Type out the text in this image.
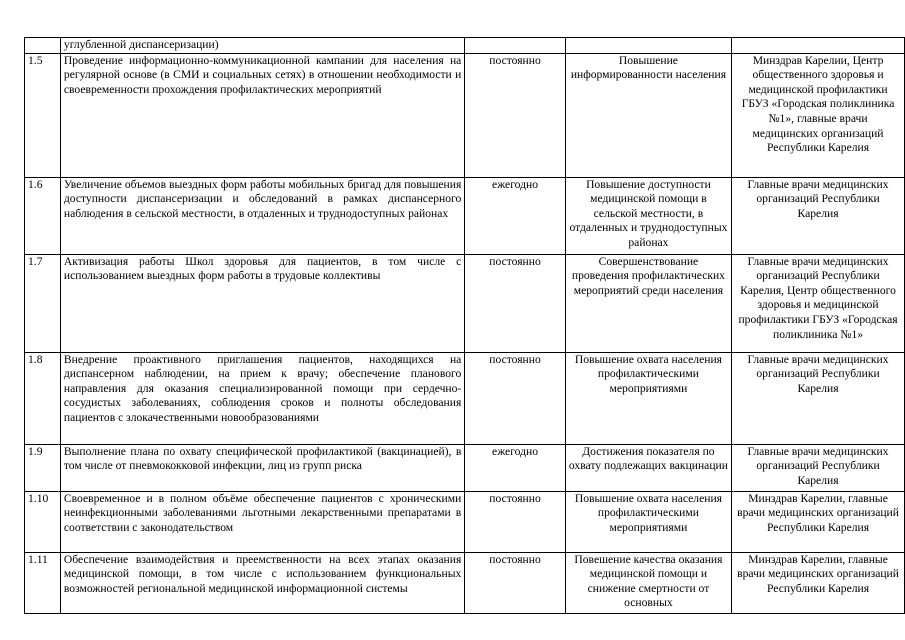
	углубленной диспансеризации)			
1.5	Проведение информационно-коммуникационной кампании для населения на регулярной основе (в СМИ и социальных сетях) в отношении необходимости и своевременности прохождения профилактических мероприятий	постоянно	Повышение информированности населения	Минздрав Карелии, Центр общественного здоровья и медицинской профилактики ГБУЗ «Городская поликлиника №1», главные врачи медицинских организаций Республики Карелия
1.6	Увеличение объемов выездных форм работы мобильных бригад для повышения доступности диспансеризации и обследований в рамках диспансерного наблюдения в сельской местности, в отдаленных и труднодоступных районах	ежегодно	Повышение доступности медицинской помощи в сельской местности, в отдаленных и труднодоступных районах	Главные врачи медицинских организаций Республики Карелия
1.7	Активизация работы Школ здоровья для пациентов, в том числе с использованием выездных форм работы в трудовые коллективы	постоянно	Совершенствование проведения профилактических мероприятий среди населения	Главные врачи медицинских организаций Республики Карелия, Центр общественного здоровья и медицинской профилактики ГБУЗ «Городская поликлиника №1»
1.8	Внедрение проактивного приглашения пациентов, находящихся на диспансерном наблюдении, на прием к врачу; обеспечение планового направления для оказания специализированной помощи при сердечно-сосудистых заболеваниях, соблюдения сроков и полноты обследования пациентов с злокачественными новообразованиями	постоянно	Повышение охвата населения профилактическими мероприятиями	Главные врачи медицинских организаций Республики Карелия
1.9	Выполнение плана по охвату специфической профилактикой (вакцинацией), в том числе от пневмококковой инфекции, лиц из групп риска	ежегодно	Достижения показателя по охвату подлежащих вакцинации	Главные врачи медицинских организаций Республики Карелия
1.10	Своевременное и в полном объёме обеспечение пациентов с хроническими неинфекционными заболеваниями льготными лекарственными препаратами в соответствии с законодательством	постоянно	Повышение охвата населения профилактическими мероприятиями	Минздрав Карелии, главные врачи медицинских организаций Республики Карелия
1.11	Обеспечение взаимодействия и преемственности на всех этапах оказания медицинской помощи, в том числе с использованием функциональных возможностей региональной медицинской информационной системы	постоянно	Повешение качества оказания медицинской помощи и снижение смертности от основных	Минздрав Карелии, главные врачи медицинских организаций Республики Карелия
